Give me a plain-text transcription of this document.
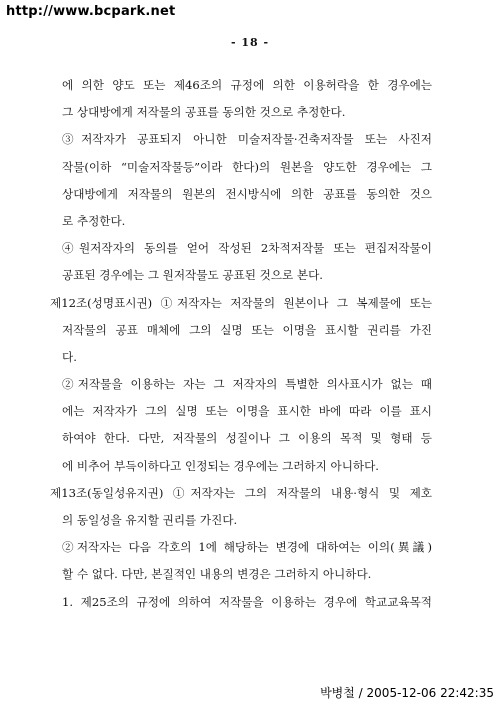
http://www.bcpark.net
- 18 -
에 의한 양도 또는 제46조의 규정에 의한 이용허락을 한 경우에는
그 상대방에게 저작물의 공표를 동의한 것으로 추정한다.
③저작자가 공표되지 아니한 미술저작물·건축저작물 또는 사진저
작물(이하 “미술저작물등”이라 한다)의 원본을 양도한 경우에는 그
상대방에게 저작물의 원본의 전시방식에 의한 공표를 동의한 것으
로 추정한다.
④원저작자의 동의를 얻어 작성된 2차적저작물 또는 편집저작물이
공표된 경우에는 그 원저작물도 공표된 것으로 본다.
제12조(성명표시권) ①저작자는 저작물의 원본이나 그 복제물에 또는
저작물의 공표 매체에 그의 실명 또는 이명을 표시할 권리를 가진
다.
②저작물을 이용하는 자는 그 저작자의 특별한 의사표시가 없는 때
에는 저작자가 그의 실명 또는 이명을 표시한 바에 따라 이를 표시
하여야 한다. 다만, 저작물의 성질이나 그 이용의 목적 및 형태 등
에 비추어 부득이하다고 인정되는 경우에는 그러하지 아니하다.
제13조(동일성유지권) ①저작자는 그의 저작물의 내용·형식 및 제호
의 동일성을 유지할 권리를 가진다.
②저작자는 다음 각호의 1에 해당하는 변경에 대하여는 이의(異議)
할 수 없다. 다만, 본질적인 내용의 변경은 그러하지 아니하다.
1. 제25조의 규정에 의하여 저작물을 이용하는 경우에 학교교육목적
박병철 / 2005-12-06 22:42:35
